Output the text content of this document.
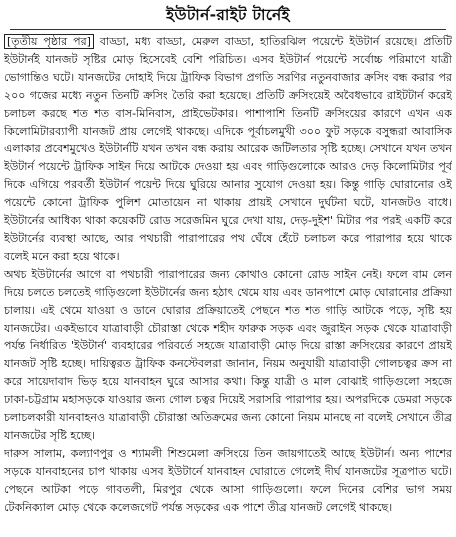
ইউটার্ন-রাইট টার্নেই

[তৃতীয় পৃষ্ঠার পর] বাড্ডা, মধ্য বাড্ডা, মেরুল বাড্ডা, হাতিরঝিল পয়েন্টে ইউটার্ন রয়েছে। প্রতিটি ইউটার্নই যানজট সৃষ্টির মোড় হিসেবেই বেশি পরিচিত। এসব ইউটার্ন পয়েন্টে সর্বোচ্চ পরিমাণে যাত্রী ভোগান্তিও ঘটে। যানজটের দোহাই দিয়ে ট্রাফিক বিভাগ প্রগতি সরণির নতুনবাজার ক্রসিং বন্ধ করার পর ২০০ গজের মধ্যে নতুন তিনটি ক্রসিং তৈরি করা হয়েছে। প্রতিটি ক্রসিংয়েই অবৈধভাবে রাইটটার্ন করেই চলাচল করছে শত শত বাস-মিনিবাস, প্রাইভেটকার। পাশাপাশি তিনটি ক্রসিংয়ের কারণে এখন এক কিলোমিটারব্যাপী যানজট প্রায় লেগেই থাকছে। এদিকে পূর্বাচলমুখী ৩০০ ফুট সড়কে বসুন্ধরা আবাসিক এলাকার প্রবেশমুখেও ইউটার্নটি যখন তখন বন্ধ করায় আরেক জটিলতার সৃষ্টি হচ্ছে। সেখানে যখন তখন ইউটার্ন পয়েন্টে ট্রাফিক সাইন দিয়ে আটকে দেওয়া হয় এবং গাড়িগুলোকে আরও দেড় কিলোমিটার পূর্ব দিকে এগিয়ে পরবর্তী ইউটার্ন পয়েন্ট দিয়ে ঘুরিয়ে আনার সুযোগ দেওয়া হয়। কিন্তু গাড়ি ঘোরানোর ওই পয়েন্টে কোনো ট্রাফিক পুলিশ মোতায়েন না থাকায় প্রায়ই সেখানে দুর্ঘটনা ঘটে, যানজটও বাধে। ইউটার্নের আধিক্য থাকা কয়েকটি রোড সরেজমিন ঘুরে দেখা যায়, দেড়-দুইশ' মিটার পর পরই একটি করে ইউটার্নের ব্যবস্থা আছে, আর পথচারী পারাপারের পথ ঘেঁষে হেঁটে চলাচল করে পারাপার হয়ে থাকে বলেই মনে করা হয়ে থাকে।

অথচ ইউটার্নের আগে বা পথচারী পারাপারের জন্য কোথাও কোনো রোড সাইন নেই। ফলে বাম লেন দিয়ে চলতে চলতেই গাড়িগুলো ইউটার্নের জন্য হঠাৎ থেমে যায় এবং ডানপাশে মোড় ঘোরানোর প্রক্রিয়া চালায়। এই থেমে যাওয়া ও ডানে ঘোরার প্রক্রিয়াতেই পেছনে শত শত গাড়ি আটকে পড়ে, সৃষ্টি হয় যানজটের। একইভাবে যাত্রাবাড়ী চৌরাস্তা থেকে শহীদ ফারুক সড়ক এবং জুরাইন সড়ক থেকে যাত্রাবাড়ী পর্যন্ত নির্ধারিত 'ইউটার্ন' ব্যবহারের পরিবর্তে সহজে যাত্রাবাড়ী মোড় দিয়ে রাস্তা ক্রসিংয়ের কারণে প্রায়ই যানজট সৃষ্টি হচ্ছে। দায়িত্বরত ট্রাফিক কনস্টেবলরা জানান, নিয়ম অনুযায়ী যাত্রাবাড়ী গোলচত্বর ক্রস না করে সায়েদাবাদ ভিড় হয়ে যানবাহন ঘুরে আসার কথা। কিন্তু যাত্রী ও মাল বোঝাই গাড়িগুলো সহজে ঢাকা-চট্টগ্রাম মহাসড়কে যাওয়ার জন্য গোল চত্বর দিয়েই সরাসরি পারাপার হয়। অপরদিকে ডেমরা সড়কে চলাচলকারী যানবাহনও যাত্রাবাড়ী চৌরাস্তা অতিক্রমের জন্য কোনো নিয়ম মানছে না বলেই সেখানে তীব্র যানজটের সৃষ্টি হচ্ছে।

দারুস সালাম, কল্যাণপুর ও শ্যামলী শিশুমেলা ক্রসিংয়ে তিন জায়গাতেই আছে ইউটার্ন। অন্য পাশের সড়কে যানবাহনের চাপ থাকায় এসব ইউটার্নে যানবাহন ঘোরাতে গেলেই দীর্ঘ যানজটের সূত্রপাত ঘটে। পেছনে আটকা পড়ে গাবতলী, মিরপুর থেকে আসা গাড়িগুলো। ফলে দিনের বেশির ভাগ সময় টেকনিক্যাল মোড় থেকে কলেজগেট পর্যন্ত সড়কের এক পাশে তীব্র যানজট লেগেই থাকছে।
